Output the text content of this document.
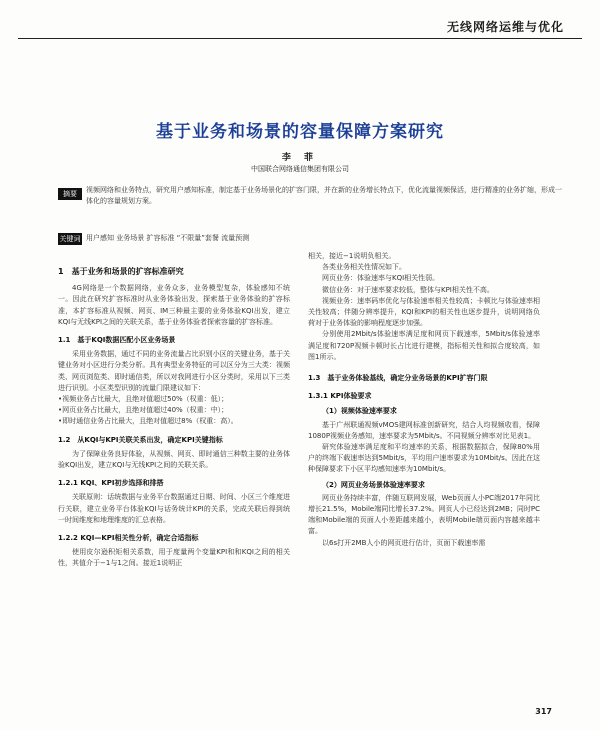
无线网络运维与优化
基于业务和场景的容量保障方案研究
李 菲
中国联合网络通信集团有限公司
摘要	视频网络和业务特点，研究用户感知标准，制定基于业务场景化的扩容门限，并在新的业务增长特点下，优化流量视频保活，进行精准的业务扩缩，形成一体化的容量规划方案。
关键词 用户感知 业务场景 扩容标准 “不限量”套餐 流量预测
1　基于业务和场景的扩容标准研究

4G网络是一个数据网络，业务众多，业务模型复杂，体验感知不统一。因此在研究扩容标准时从业务体验出发，探索基于业务体验的扩容标准，本扩容标准从视频、网页、IM三种最主要的业务体验KQI出发，建立KQI与无线KPI之间的关联关系，基于业务体验者探索容量的扩容标准。

1.1　基于KQI数据匹配小区业务场景

采用业务数据，通过不同的业务流量占比识别小区的关键业务，基于关键业务对小区进行分类分析。具有典型业务特征的可以区分为三大类：视频类、网页浏览类、即时通信类，所以对我网进行小区分类时，采用以下三类进行识别。小区类型识别的流量门限建议如下：

•视频业务占比最大，且绝对值超过50%（权重：低）；

•网页业务占比最大，且绝对值超过40%（权重：中）；

•即时通信业务占比最大，且绝对值超过8%（权重：高）。

1.2　从KQI与KPI关联关系出发，确定KPI关键指标

为了保障业务良好体验，从视频、网页、即时通信三种数主要的业务体验KQI出发，建立KQI与无线KPI之间的关联关系。

1.2.1 KQI、KPI初步选择和排搭

关联原则：话统数据与业务平台数据通过日期、时间、小区三个维度进行关联，建立业务平台体验KQI与话务统计KPI的关系，完成关联后得到统一时间维度和地理维度的汇总表格。

1.2.2 KQI—KPI相关性分析，确定合适指标

使用皮尔逊积矩相关系数，用于度量两个变量KPI和和KQI之间的相关性，其值介于−1与1之间。接近1说明正

相关，接近−1说明负相关。

各类业务相关性情况如下。

网页业务：体验速率与KQI相关性弱。

微信业务：对于速率要求较低，整体与KPI相关性不高。

视频业务：速率码率优化与体验速率相关性较高；卡顿比与体验速率相关性较高；伴随分辨率提升，KQI和KPI的相关性也逐步提升，说明网络负荷对于业务体验的影响程度逐步加强。

分别使用2Mbit/s体验速率满足度和网页下载速率，5Mbit/s体验速率满足度和720P视频卡顿时长占比进行建模，指标相关性和拟合度较高，如图1所示。

1.3　基于业务体验基线，确定分业务场景的KPI扩容门限
1.3.1 KPI体验要求
（1）视频体验速率要求

基于广州联通视频vMOS建网标准创新研究，结合人均视频收看，保障1080P视频业务感知，速率要求为5Mbit/s。不同视频分辨率对比见表1。

研究体验速率满足度和平均速率的关系，根据数据拟合，保障80%用户的终端下载速率达到5Mbit/s，平均用户速率要求为10Mbit/s。因此在这种保障要求下小区平均感知速率为10Mbit/s。

（2）网页业务场景体验速率要求

网页业务持续丰富，伴随互联网发展，Web页面人小PC端2017年同比增长21.5%，Mobile端同比增长37.2%。网页人小已经达到2MB；同时PC端和Mobile端的页面人小差距越来越小，表明Mobile端页面内容越来越丰富。

以6s打开2MB人小的网页进行估计，页面下载速率需

317
